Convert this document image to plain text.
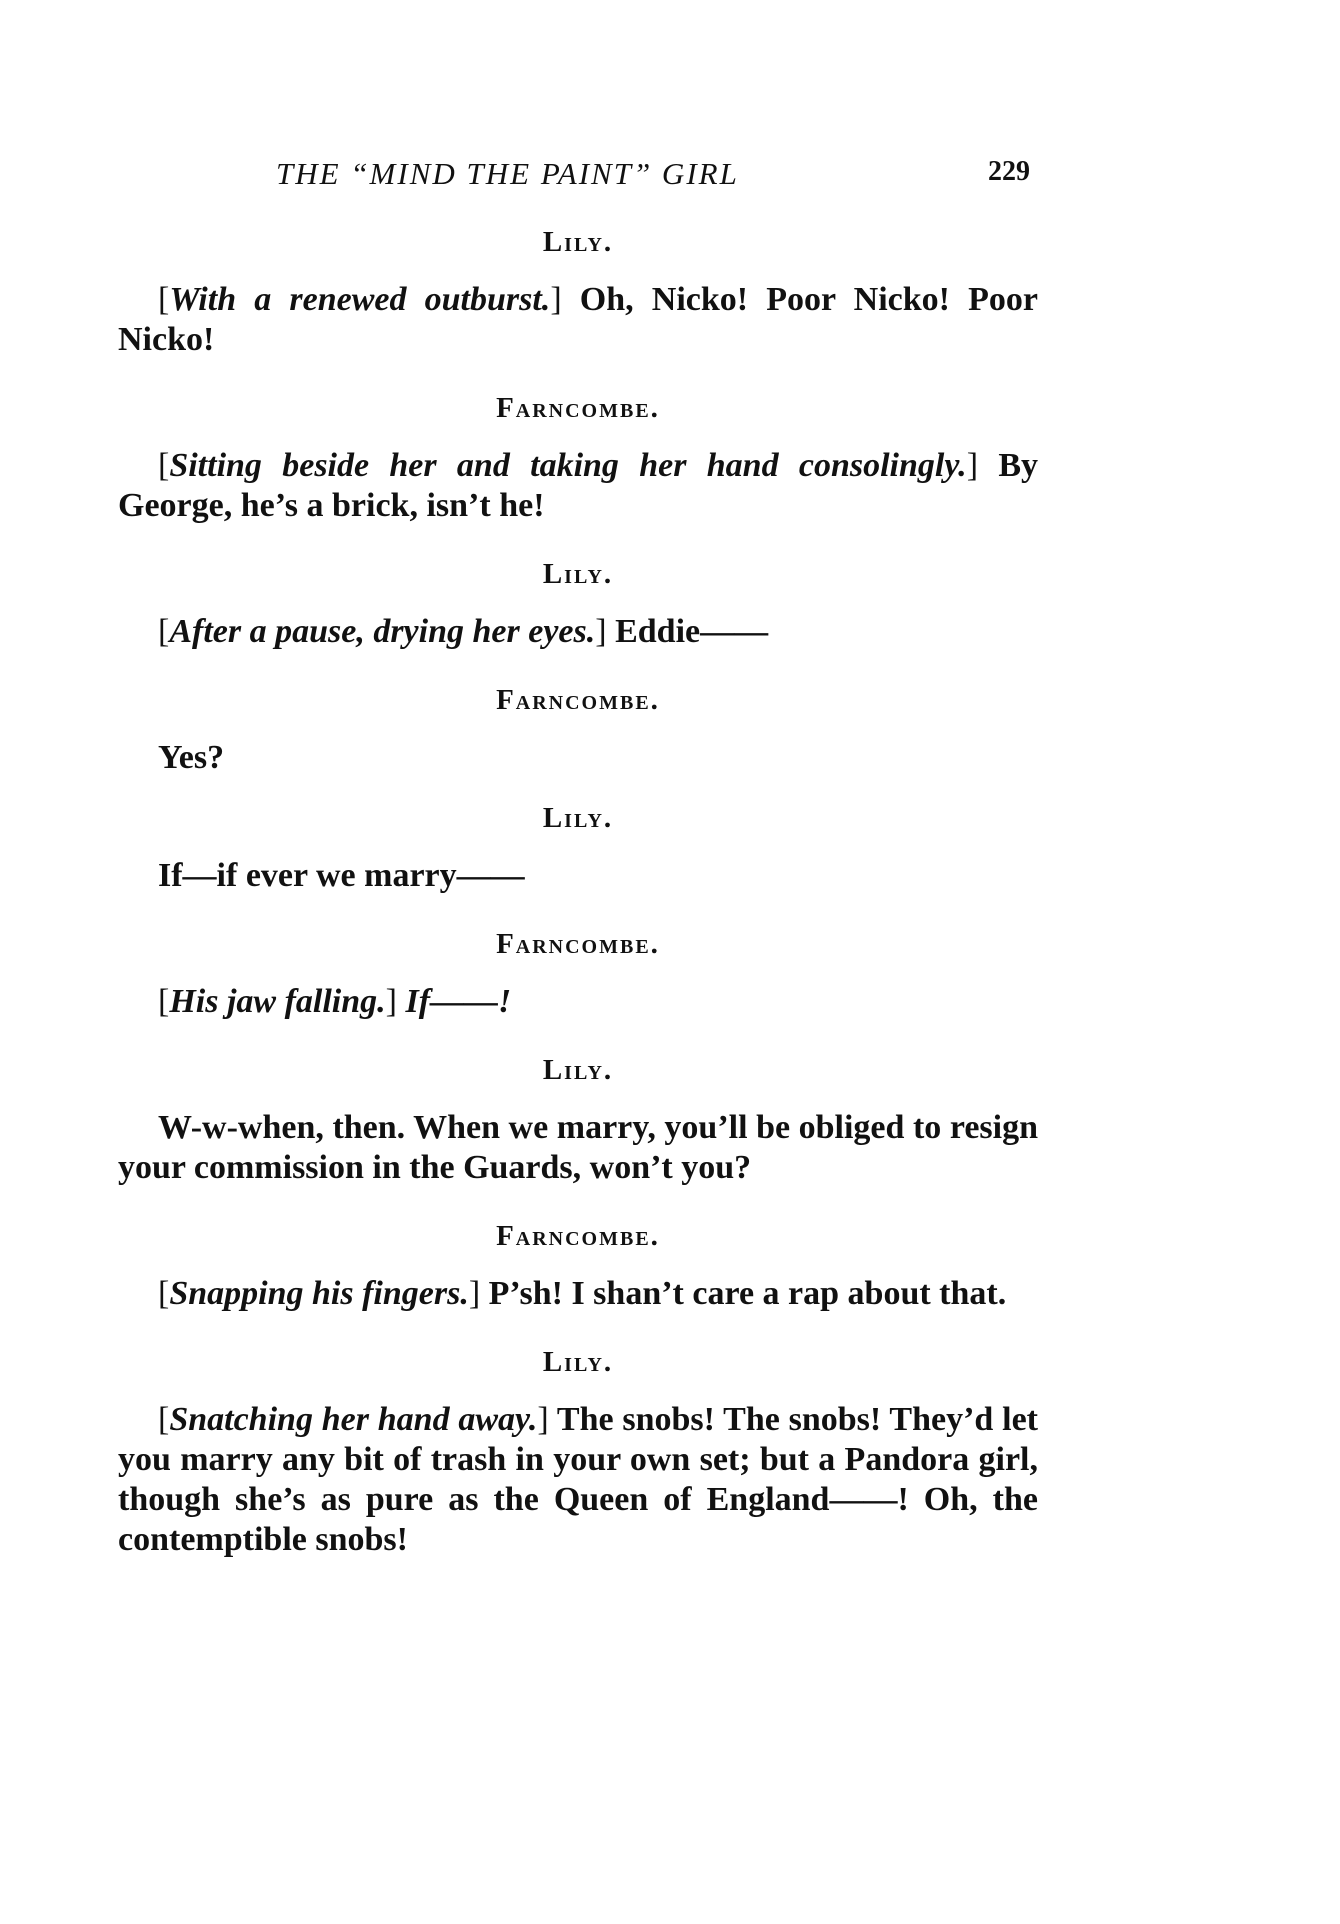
THE “MIND THE PAINT” GIRL	229
Lily.
[With a renewed outburst.] Oh, Nicko! Poor Nicko! Poor Nicko!
Farncombe.
[Sitting beside her and taking her hand consolingly.] By George, he’s a brick, isn’t he!
Lily.
[After a pause, drying her eyes.] Eddie——
Farncombe.
Yes?
Lily.
If—if ever we marry——
Farncombe.
[His jaw falling.] If——!
Lily.
W-w-when, then. When we marry, you’ll be obliged to resign your commission in the Guards, won’t you?
Farncombe.
[Snapping his fingers.] P’sh! I shan’t care a rap about that.
Lily.
[Snatching her hand away.] The snobs! The snobs! They’d let you marry any bit of trash in your own set; but a Pandora girl, though she’s as pure as the Queen of England——! Oh, the contemptible snobs!
